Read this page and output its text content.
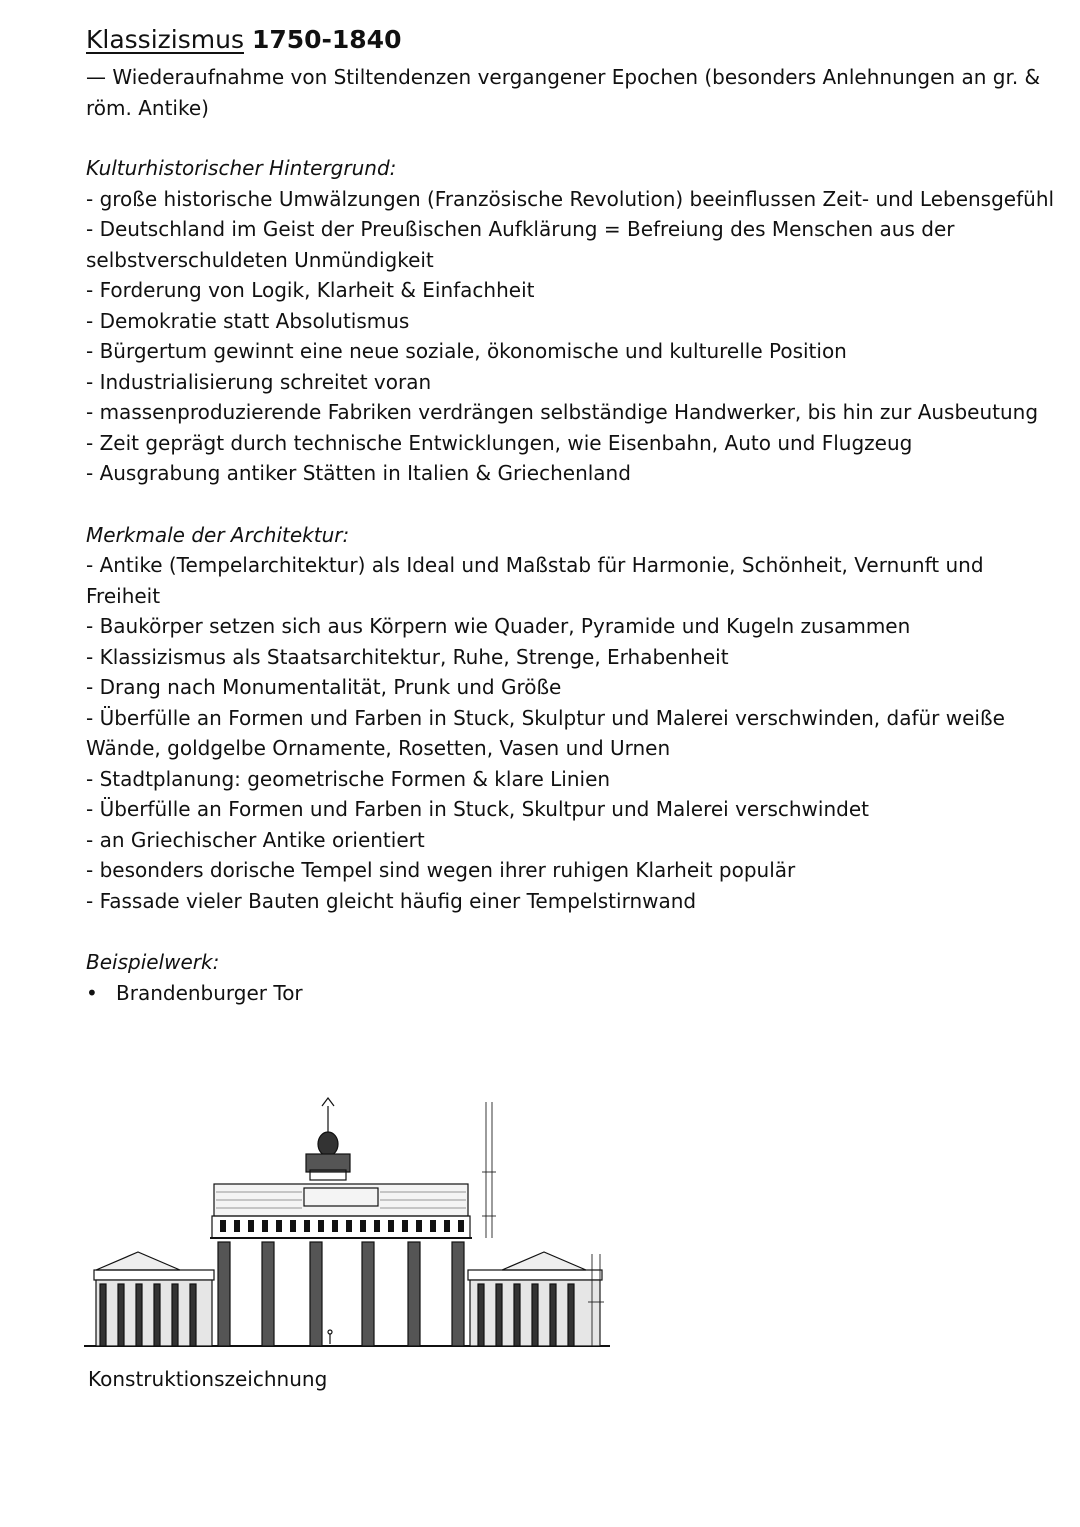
Klassizismus 1750-1840

— Wiederaufnahme von Stiltendenzen vergangener Epochen (besonders Anlehnungen an gr. & röm. Antike)

Kulturhistorischer Hintergrund:

- große historische Umwälzungen (Französische Revolution) beeinflussen Zeit- und Lebensgefühl
- Deutschland im Geist der Preußischen Aufklärung = Befreiung des Menschen aus der selbstverschuldeten Unmündigkeit
- Forderung von Logik, Klarheit & Einfachheit
- Demokratie statt Absolutismus
- Bürgertum gewinnt eine neue soziale, ökonomische und kulturelle Position
- Industrialisierung schreitet voran
- massenproduzierende Fabriken verdrängen selbständige Handwerker, bis hin zur Ausbeutung
- Zeit geprägt durch technische Entwicklungen, wie Eisenbahn, Auto und Flugzeug
- Ausgrabung antiker Stätten in Italien & Griechenland

Merkmale der Architektur:

- Antike (Tempelarchitektur) als Ideal und Maßstab für Harmonie, Schönheit, Vernunft und Freiheit
- Baukörper setzen sich aus Körpern wie Quader, Pyramide und Kugeln zusammen
- Klassizismus als Staatsarchitektur, Ruhe, Strenge, Erhabenheit
- Drang nach Monumentalität, Prunk und Größe
- Überfülle an Formen und Farben in Stuck, Skulptur und Malerei verschwinden, dafür weiße Wände, goldgelbe Ornamente, Rosetten, Vasen und Urnen
- Stadtplanung: geometrische Formen & klare Linien
- Überfülle an Formen und Farben in Stuck, Skultpur und Malerei verschwindet
- an Griechischer Antike orientiert
- besonders dorische Tempel sind wegen ihrer ruhigen Klarheit populär
- Fassade vieler Bauten gleicht häufig einer Tempelstirnwand

Beispielwerk:

• Brandenburger Tor
Konstruktionszeichnung
